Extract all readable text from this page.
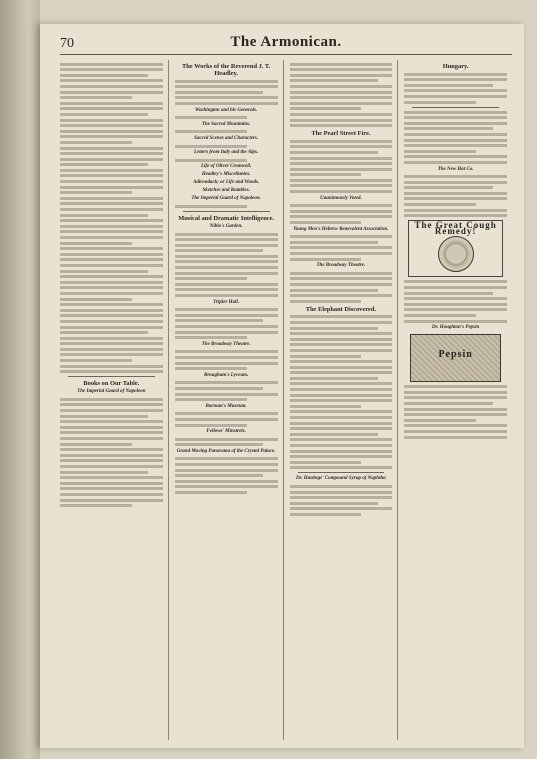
70	The Armonican.
Books on Our Table.
The Imperial Guard of Napoleon
The Works of the Reverend J. T. Headley.
Washington and his Generals.
The Sacred Mountains.
Sacred Scenes and Characters.
Letters from Italy and the Alps.
Life of Oliver Cromwell.
Headley's Miscellanies.
Adirondack; or Life and Woods.
Sketches and Rambles.
The Imperial Guard of Napoleon.
Musical and Dramatic Intelligence.
Niblo's Garden.
Tripler Hall.
The Broadway Theatre.
Brougham's Lyceum.
Barnum's Museum.
Fellows' Minstrels.
Grand Moving Panorama of the Crystal Palace.
The Pearl Street Fire.
Unanimously Voted.
Young Men's Hebrew Benevolent Association.
The Broadway Theatre.
The Elephant Discovered.
Dr. Hastings' Compound Syrup of Naphtha
Hungary.
The New Hat Co.
The Great Cough Remedy!
Dr. Houghton's Pepsin
Pepsin
